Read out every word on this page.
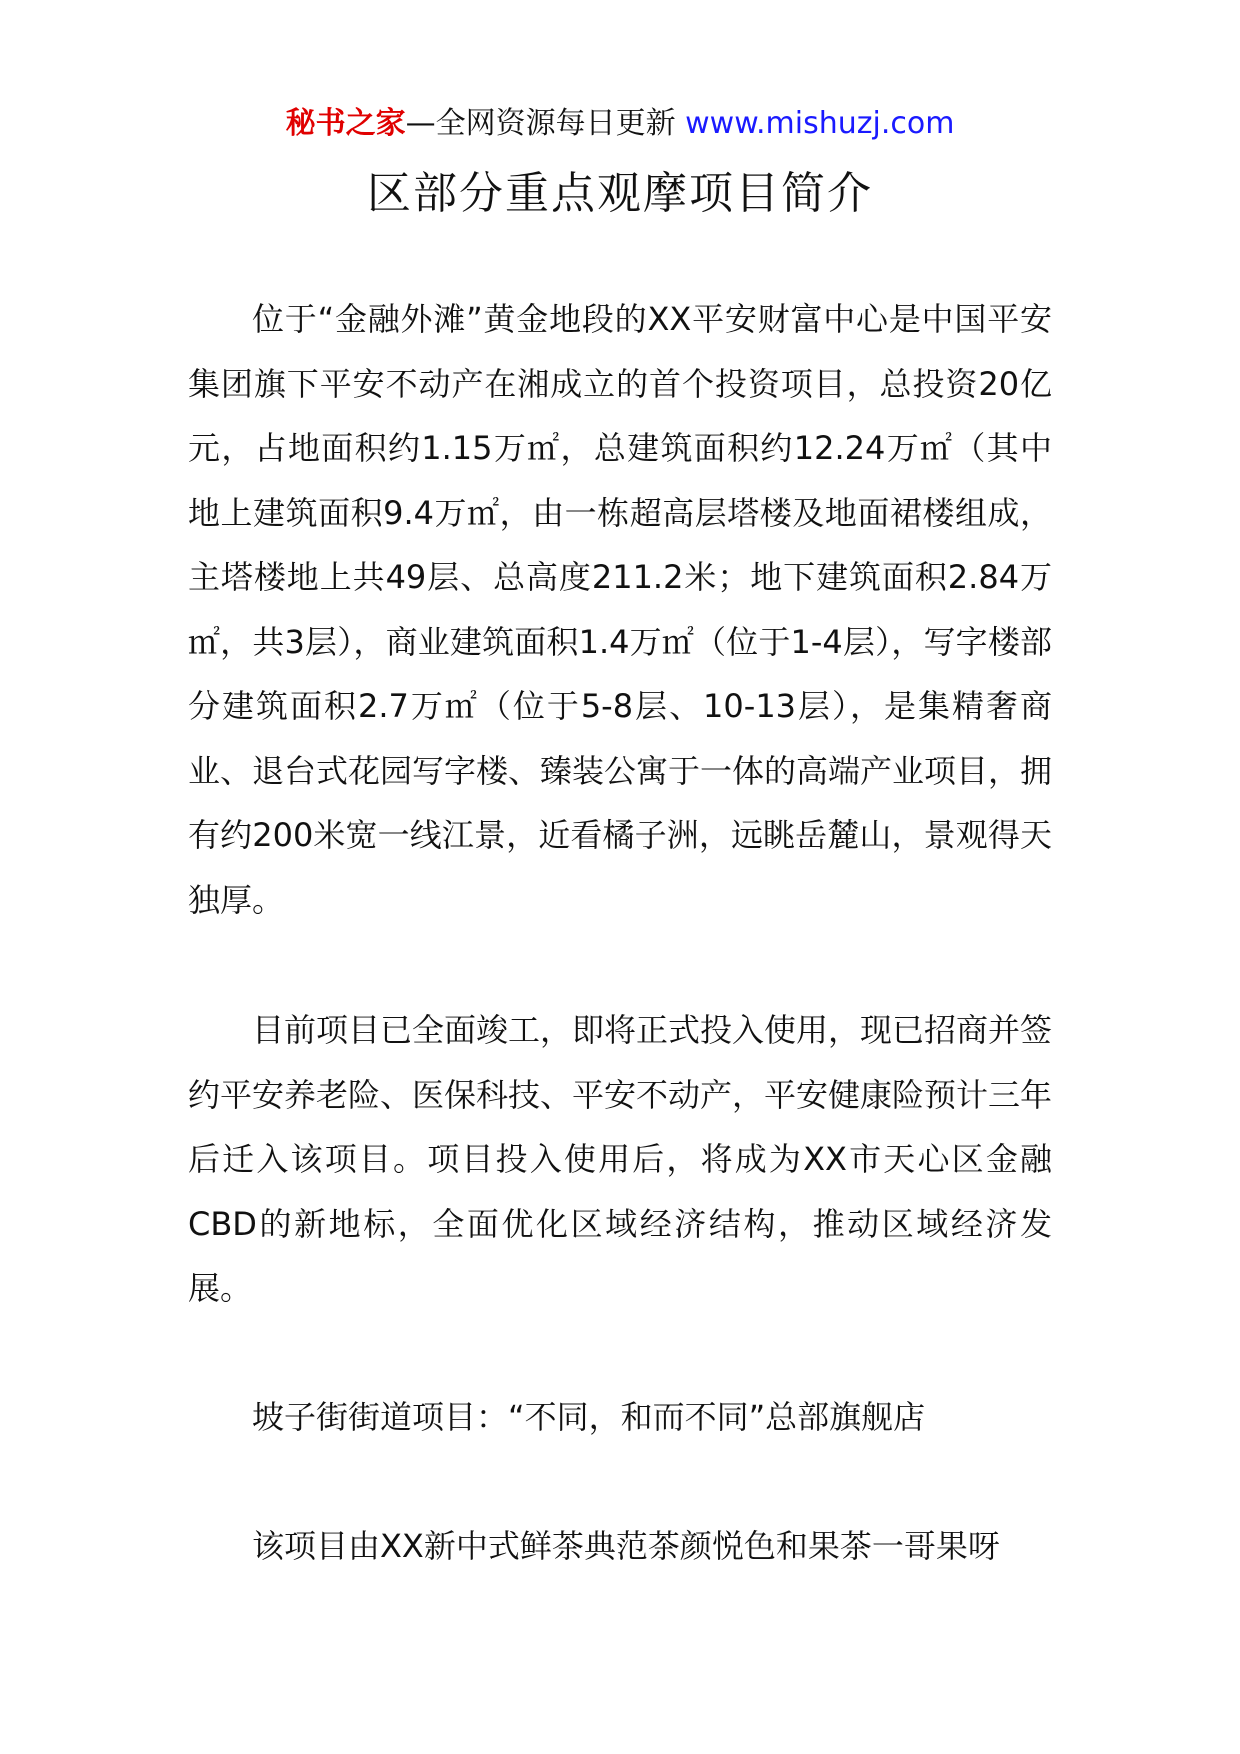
秘书之家—全网资源每日更新 www.mishuzj.com
区部分重点观摩项目简介

位于“金融外滩”黄金地段的XX平安财富中心是中国平安集团旗下平安不动产在湘成立的首个投资项目，总投资20亿元，占地面积约1.15万㎡，总建筑面积约12.24万㎡（其中地上建筑面积9.4万㎡，由一栋超高层塔楼及地面裙楼组成，主塔楼地上共49层、总高度211.2米；地下建筑面积2.84万㎡，共3层），商业建筑面积1.4万㎡（位于1-4层），写字楼部分建筑面积2.7万㎡（位于5-8层、10-13层），是集精奢商业、退台式花园写字楼、臻装公寓于一体的高端产业项目，拥有约200米宽一线江景，近看橘子洲，远眺岳麓山，景观得天独厚。

目前项目已全面竣工，即将正式投入使用，现已招商并签约平安养老险、医保科技、平安不动产，平安健康险预计三年后迁入该项目。项目投入使用后，将成为XX市天心区金融CBD的新地标，全面优化区域经济结构，推动区域经济发展。

坡子街街道项目：“不同，和而不同”总部旗舰店

该项目由XX新中式鲜茶典范茶颜悦色和果茶一哥果呀
